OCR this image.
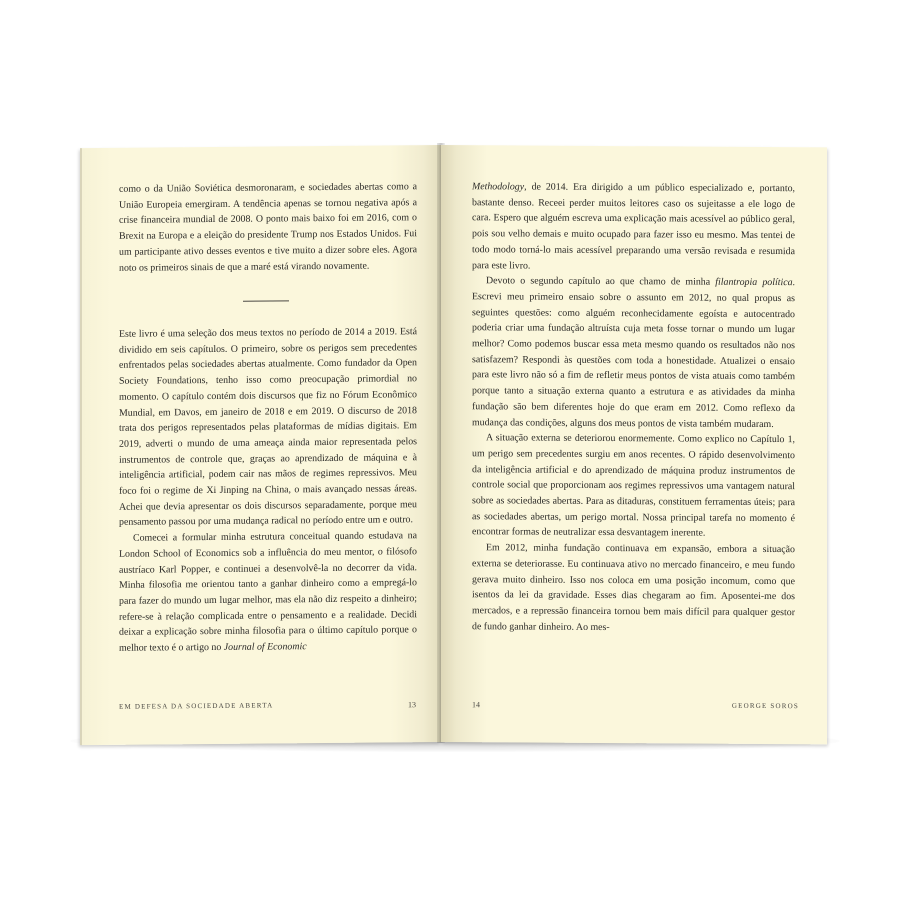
como o da União Soviética desmoronaram, e sociedades abertas como a União Europeia emergiram. A tendência apenas se tornou negativa após a crise financeira mundial de 2008. O ponto mais baixo foi em 2016, com o Brexit na Europa e a eleição do presidente Trump nos Estados Unidos. Fui um participante ativo desses eventos e tive muito a dizer sobre eles. Agora noto os primeiros sinais de que a maré está virando novamente.

Este livro é uma seleção dos meus textos no período de 2014 a 2019. Está dividido em seis capítulos. O primeiro, sobre os perigos sem precedentes enfrentados pelas sociedades abertas atualmente. Como fundador da Open Society Foundations, tenho isso como preocupação primordial no momento. O capítulo contém dois discursos que fiz no Fórum Econômico Mundial, em Davos, em janeiro de 2018 e em 2019. O discurso de 2018 trata dos perigos representados pelas plataformas de mídias digitais. Em 2019, adverti o mundo de uma ameaça ainda maior representada pelos instrumentos de controle que, graças ao aprendizado de máquina e à inteligência artificial, podem cair nas mãos de regimes repressivos. Meu foco foi o regime de Xi Jinping na China, o mais avançado nessas áreas. Achei que devia apresentar os dois discursos separadamente, porque meu pensamento passou por uma mudança radical no período entre um e outro.

Comecei a formular minha estrutura conceitual quando estudava na London School of Economics sob a influência do meu mentor, o filósofo austríaco Karl Popper, e continuei a desenvolvê-la no decorrer da vida. Minha filosofia me orientou tanto a ganhar dinheiro como a empregá-lo para fazer do mundo um lugar melhor, mas ela não diz respeito a dinheiro; refere-se à relação complicada entre o pensamento e a realidade. Decidi deixar a explicação sobre minha filosofia para o último capítulo porque o melhor texto é o artigo no Journal of Economic

EM DEFESA DA SOCIEDADE ABERTA	13

Methodology, de 2014. Era dirigido a um público especializado e, portanto, bastante denso. Receei perder muitos leitores caso os sujeitasse a ele logo de cara. Espero que alguém escreva uma explicação mais acessível ao público geral, pois sou velho demais e muito ocupado para fazer isso eu mesmo. Mas tentei de todo modo torná-lo mais acessível preparando uma versão revisada e resumida para este livro.

Devoto o segundo capítulo ao que chamo de minha filantropia política. Escrevi meu primeiro ensaio sobre o assunto em 2012, no qual propus as seguintes questões: como alguém reconhecidamente egoísta e autocentrado poderia criar uma fundação altruísta cuja meta fosse tornar o mundo um lugar melhor? Como podemos buscar essa meta mesmo quando os resultados não nos satisfazem? Respondi às questões com toda a honestidade. Atualizei o ensaio para este livro não só a fim de refletir meus pontos de vista atuais como também porque tanto a situação externa quanto a estrutura e as atividades da minha fundação são bem diferentes hoje do que eram em 2012. Como reflexo da mudança das condições, alguns dos meus pontos de vista também mudaram.

A situação externa se deteriorou enormemente. Como explico no Capítulo 1, um perigo sem precedentes surgiu em anos recentes. O rápido desenvolvimento da inteligência artificial e do aprendizado de máquina produz instrumentos de controle social que proporcionam aos regimes repressivos uma vantagem natural sobre as sociedades abertas. Para as ditaduras, constituem ferramentas úteis; para as sociedades abertas, um perigo mortal. Nossa principal tarefa no momento é encontrar formas de neutralizar essa desvantagem inerente.

Em 2012, minha fundação continuava em expansão, embora a situação externa se deteriorasse. Eu continuava ativo no mercado financeiro, e meu fundo gerava muito dinheiro. Isso nos coloca em uma posição incomum, como que isentos da lei da gravidade. Esses dias chegaram ao fim. Aposentei-me dos mercados, e a repressão financeira tornou bem mais difícil para qualquer gestor de fundo ganhar dinheiro. Ao mes-

14	GEORGE SOROS
